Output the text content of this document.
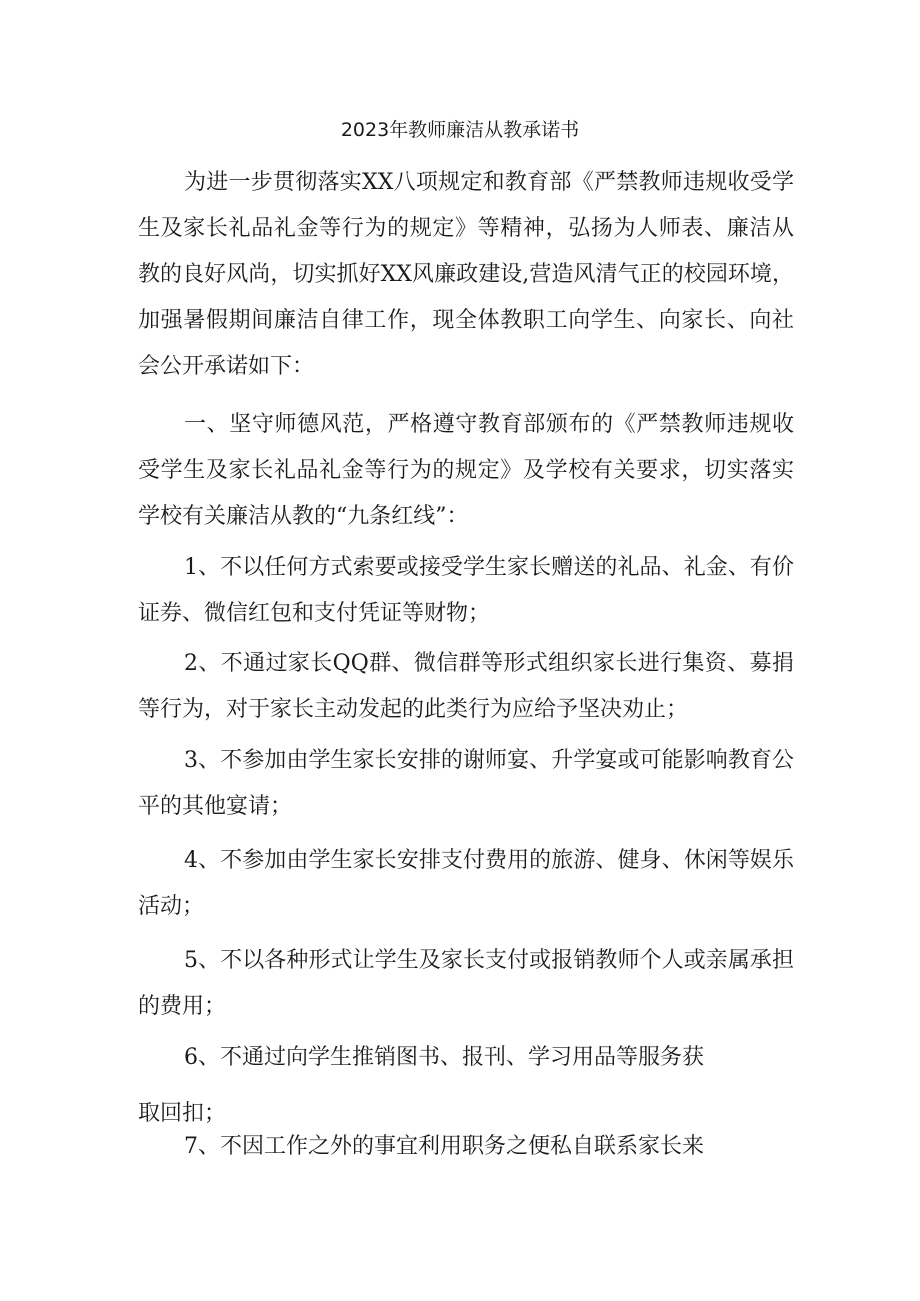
2023年教师廉洁从教承诺书

为进一步贯彻落实XX八项规定和教育部《严禁教师违规收受学生及家长礼品礼金等行为的规定》等精神，弘扬为人师表、廉洁从教的良好风尚，切实抓好XX风廉政建设,营造风清气正的校园环境，加强暑假期间廉洁自律工作，现全体教职工向学生、向家长、向社会公开承诺如下：

一、坚守师德风范，严格遵守教育部颁布的《严禁教师违规收受学生及家长礼品礼金等行为的规定》及学校有关要求，切实落实学校有关廉洁从教的“九条红线”：

1、不以任何方式索要或接受学生家长赠送的礼品、礼金、有价证券、微信红包和支付凭证等财物；

2、不通过家长QQ群、微信群等形式组织家长进行集资、募捐等行为，对于家长主动发起的此类行为应给予坚决劝止；

3、不参加由学生家长安排的谢师宴、升学宴或可能影响教育公平的其他宴请；

4、不参加由学生家长安排支付费用的旅游、健身、休闲等娱乐活动；

5、不以各种形式让学生及家长支付或报销教师个人或亲属承担的费用；

6、不通过向学生推销图书、报刊、学习用品等服务获

取回扣；

7、不因工作之外的事宜利用职务之便私自联系家长来
